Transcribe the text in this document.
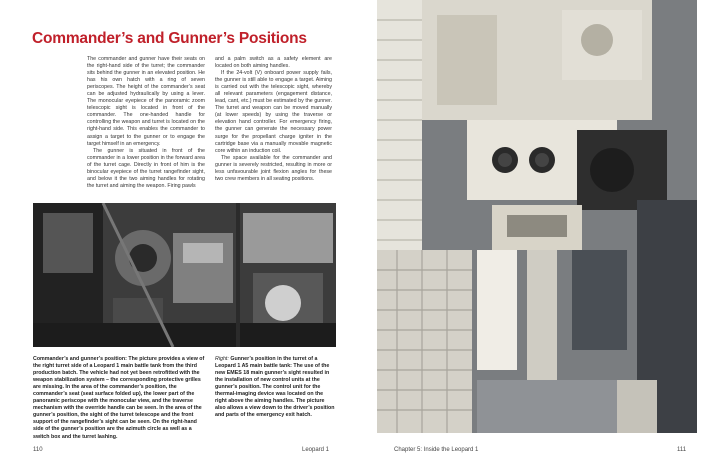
Commander’s and Gunner’s Positions

The commander and gunner have their seats on the right-hand side of the turret; the commander sits behind the gunner in an elevated position. He has his own hatch with a ring of seven periscopes. The height of the commander’s seat can be adjusted hydraulically by using a lever. The monocular eyepiece of the panoramic zoom telescopic sight is located in front of the commander. The one-handed handle for controlling the weapon and turret is located on the right-hand side. This enables the commander to assign a target to the gunner or to engage the target himself in an emergency.

The gunner is situated in front of the commander in a lower position in the forward area of the turret cage. Directly in front of him is the binocular eyepiece of the turret rangefinder sight, and below it the two aiming handles for rotating the turret and aiming the weapon. Firing pawls

and a palm switch as a safety element are located on both aiming handles.

If the 24-volt (V) onboard power supply fails, the gunner is still able to engage a target. Aiming is carried out with the telescopic sight, whereby all relevant parameters (engagement distance, lead, cant, etc.) must be estimated by the gunner. The turret and weapon can be moved manually (at lower speeds) by using the traverse or elevation hand controller. For emergency firing, the gunner can generate the necessary power surge for the propellant charge igniter in the cartridge base via a manually movable magnetic core within an induction coil.

The space available for the commander and gunner is severely restricted, resulting in more or less unfavourable joint flexion angles for these two crew members in all seating positions.

Commander’s and gunner’s position: The picture provides a view of the right turret side of a Leopard 1 main battle tank from the third production batch. The vehicle had not yet been retrofitted with the weapon stabilization system – the corresponding protective grilles are missing. In the area of the commander’s position, the commander’s seat (seat surface folded up), the lower part of the panoramic periscope with the monocular view, and the traverse mechanism with the override handle can be seen. In the area of the gunner’s position, the sight of the turret telescope and the front support of the rangefinder’s sight can be seen. On the right-hand side of the gunner’s position are the azimuth circle as well as a switch box and the turret lashing.
Right: Gunner’s position in the turret of a Leopard 1 A5 main battle tank: The use of the new EMES 18 main gunner’s sight resulted in the installation of new control units at the gunner’s position. The control unit for the thermal-imaging device was located on the right above the aiming handles. The picture also allows a view down to the driver’s position and parts of the emergency exit hatch.
110	Leopard 1	Chapter 5: Inside the Leopard 1	111
